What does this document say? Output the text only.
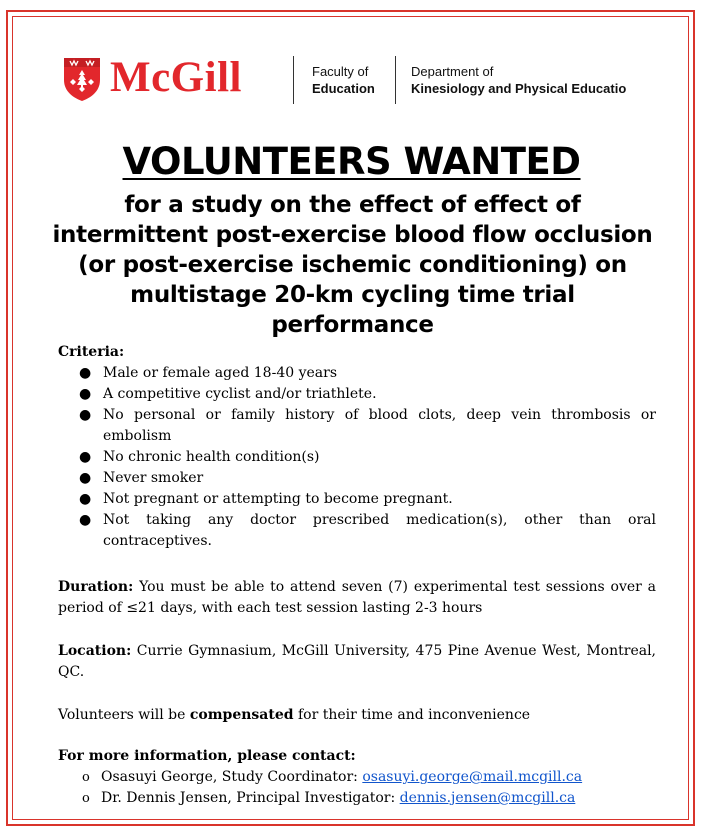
McGill	Faculty of
Education
Department of
Kinesiology and Physical Educatio
VOLUNTEERS WANTED
for a study on the effect of effect of intermittent post-exercise blood flow occlusion (or post-exercise ischemic conditioning) on multistage 20-km cycling time trial performance
Criteria:
● Male or female aged 18-40 years
● A competitive cyclist and/or triathlete.
● No personal or family history of blood clots, deep vein thrombosis or embolism
● No chronic health condition(s)
● Never smoker
● Not pregnant or attempting to become pregnant.
● Not taking any doctor prescribed medication(s), other than oral contraceptives.

Duration: You must be able to attend seven (7) experimental test sessions over a period of ≤21 days, with each test session lasting 2-3 hours

Location: Currie Gymnasium, McGill University, 475 Pine Avenue West, Montreal, QC.

Volunteers will be compensated for their time and inconvenience

For more information, please contact:
o Osasuyi George, Study Coordinator: osasuyi.george@mail.mcgill.ca
o Dr. Dennis Jensen, Principal Investigator: dennis.jensen@mcgill.ca
